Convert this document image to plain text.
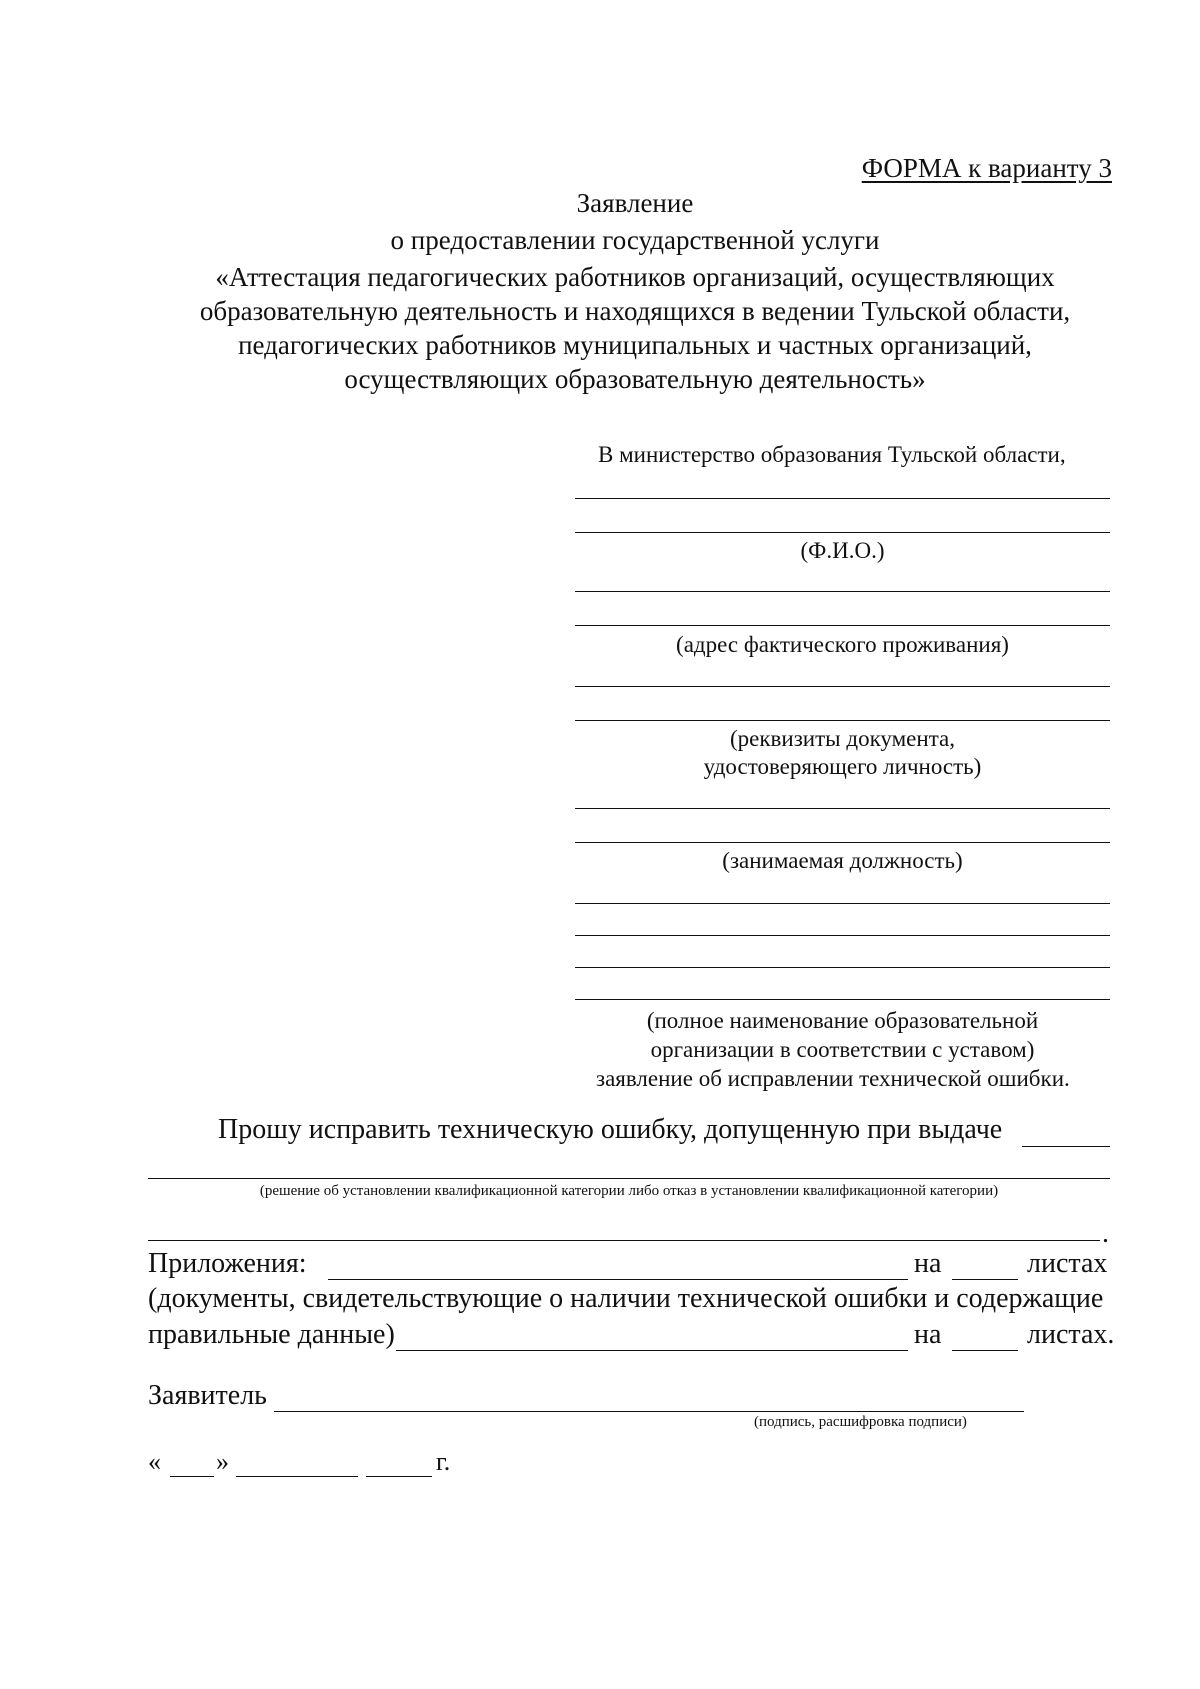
ФОРМА к варианту 3
Заявление
о предоставлении государственной услуги
«Аттестация педагогических работников организаций, осуществляющих
образовательную деятельность и находящихся в ведении Тульской области,
педагогических работников муниципальных и частных организаций,
осуществляющих образовательную деятельность»
В министерство образования Тульской области,
(Ф.И.О.)
(адрес фактического проживания)
(реквизиты документа,
удостоверяющего личность)
(занимаемая должность)
(полное наименование образовательной
организации в соответствии с уставом)
заявление об исправлении технической ошибки.
Прошу исправить техническую ошибку, допущенную при выдаче
(решение об установлении квалификационной категории либо отказ в установлении квалификационной категории)
.
Приложения:	на	листах
(документы, свидетельствующие о наличии технической ошибки и содержащие
правильные данные)	на	листах.
Заявитель
(подпись, расшифровка подписи)
« »	г.
